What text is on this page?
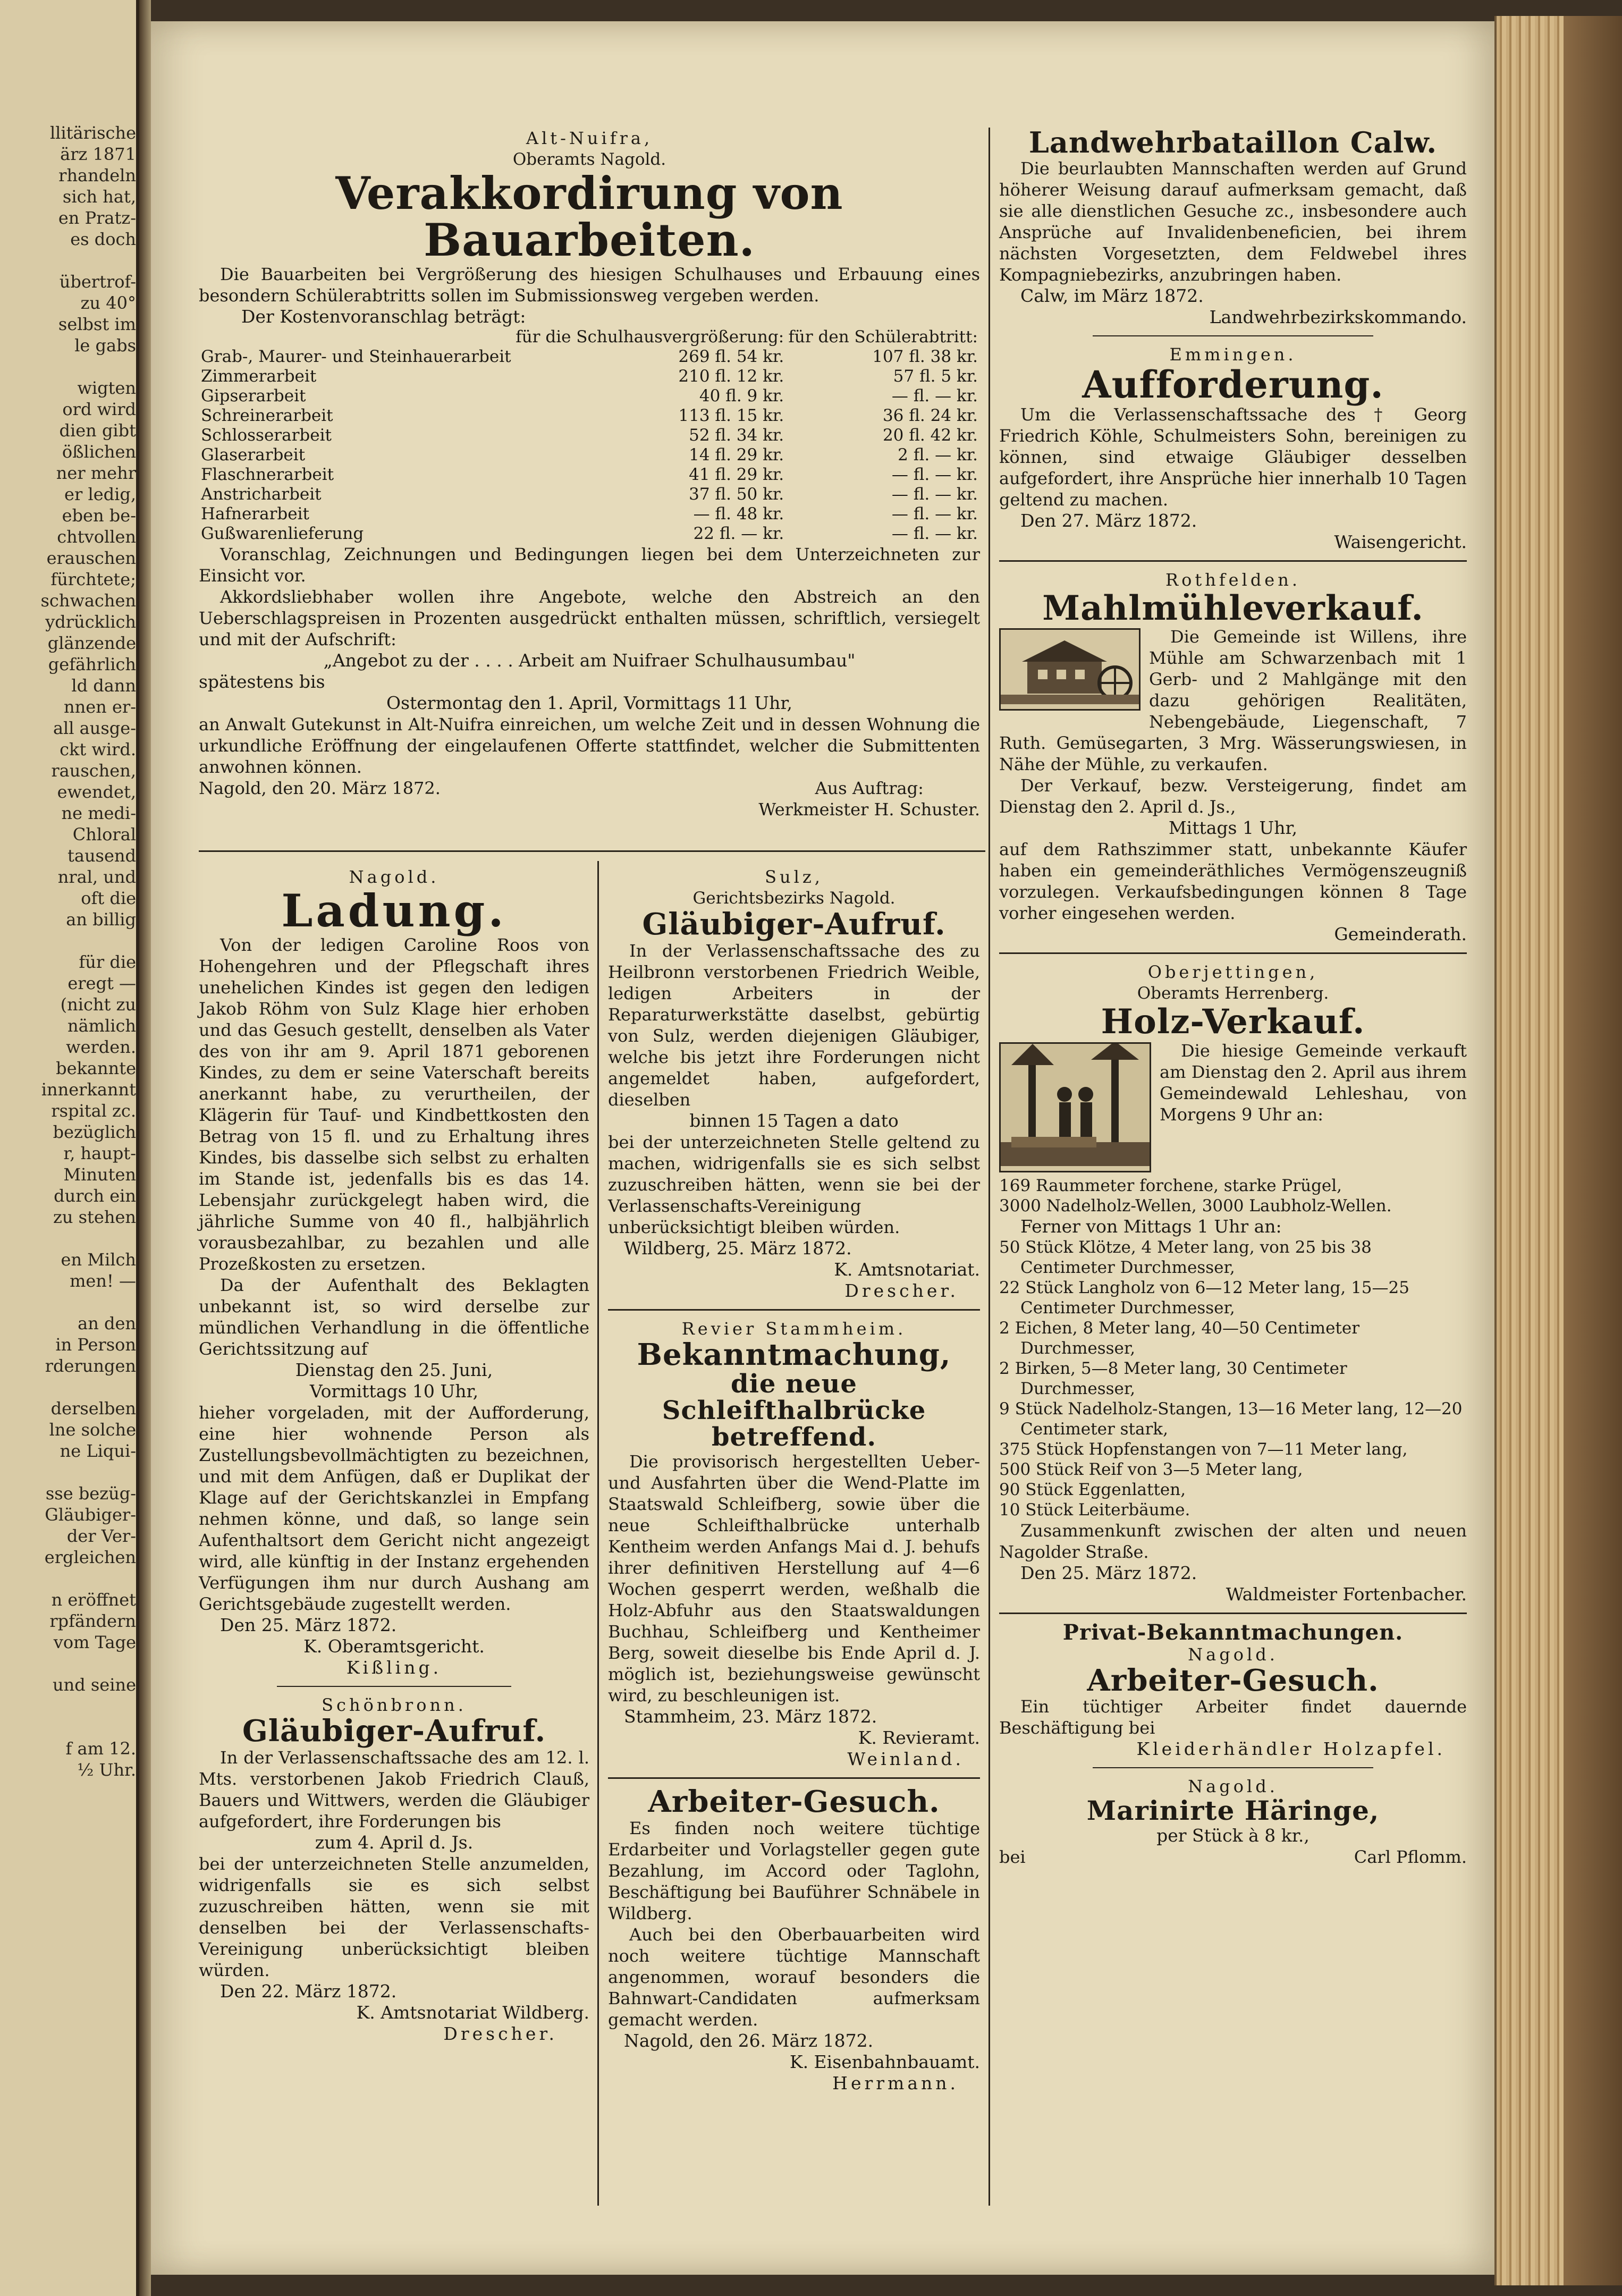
llitärische
ärz 1871
rhandeln
sich hat,
en Pratz-
es doch

übertrof-
zu 40°
selbst im
le gabs

wigten
ord wird
dien gibt
ößlichen
ner mehr
er ledig,
eben be-
chtvollen
erauschen
fürchtete;
schwachen
ydrücklich
glänzende
gefährlich
ld dann
nnen er-
all ausge-
ckt wird.
rauschen,
ewendet,
ne medi-
Chloral
tausend
nral, und
oft die
an billig

für die
eregt —
(nicht zu
nämlich
werden.
bekannte
innerkannt
rspital zc.
bezüglich
r, haupt-
Minuten
durch ein
zu stehen

en Milch
men! —

an den
in Person
rderungen

derselben
lne solche
ne Liqui-

sse bezüg-
Gläubiger-
der Ver-
ergleichen

n eröffnet
rpfändern
vom Tage

und seine

f am 12.
½ Uhr.
Alt-Nuifra,
Oberamts Nagold.
Verakkordirung von Bauarbeiten.

Die Bauarbeiten bei Vergrößerung des hiesigen Schulhauses und Erbauung eines besondern Schülerabtritts sollen im Submissionsweg vergeben werden.

Der Kostenvoranschlag beträgt:
	für die Schulhausvergrößerung:	für den Schülerabtritt:
Grab-, Maurer- und Steinhauerarbeit	269 fl. 54 kr.	107 fl. 38 kr.
Zimmerarbeit	210 fl. 12 kr.	57 fl. 5 kr.
Gipserarbeit	40 fl. 9 kr.	— fl. — kr.
Schreinerarbeit	113 fl. 15 kr.	36 fl. 24 kr.
Schlosserarbeit	52 fl. 34 kr.	20 fl. 42 kr.
Glaserarbeit	14 fl. 29 kr.	2 fl. — kr.
Flaschnerarbeit	41 fl. 29 kr.	— fl. — kr.
Anstricharbeit	37 fl. 50 kr.	— fl. — kr.
Hafnerarbeit	— fl. 48 kr.	— fl. — kr.
Gußwarenlieferung	22 fl. — kr.	— fl. — kr.

Voranschlag, Zeichnungen und Bedingungen liegen bei dem Unterzeichneten zur Einsicht vor.

Akkordsliebhaber wollen ihre Angebote, welche den Abstreich an den Ueberschlagspreisen in Prozenten ausgedrückt enthalten müssen, schriftlich, versiegelt und mit der Aufschrift:

„Angebot zu der . . . . Arbeit am Nuifraer Schulhausumbau"
spätestens bis
Ostermontag den 1. April, Vormittags 11 Uhr,

an Anwalt Gutekunst in Alt-Nuifra einreichen, um welche Zeit und in dessen Wohnung die urkundliche Eröffnung der eingelaufenen Offerte stattfindet, welcher die Submittenten anwohnen können.

Nagold, den 20. März 1872.	Aus Auftrag:
Werkmeister H. Schuster.
Nagold.
Ladung.

Von der ledigen Caroline Roos von Hohengehren und der Pflegschaft ihres unehelichen Kindes ist gegen den ledigen Jakob Röhm von Sulz Klage hier erhoben und das Gesuch gestellt, denselben als Vater des von ihr am 9. April 1871 geborenen Kindes, zu dem er seine Vaterschaft bereits anerkannt habe, zu verurtheilen, der Klägerin für Tauf- und Kindbettkosten den Betrag von 15 fl. und zu Erhaltung ihres Kindes, bis dasselbe sich selbst zu erhalten im Stande ist, jedenfalls bis es das 14. Lebensjahr zurückgelegt haben wird, die jährliche Summe von 40 fl., halbjährlich vorausbezahlbar, zu bezahlen und alle Prozeßkosten zu ersetzen.

Da der Aufenthalt des Beklagten unbekannt ist, so wird derselbe zur mündlichen Verhandlung in die öffentliche Gerichtssitzung auf

Dienstag den 25. Juni,
Vormittags 10 Uhr,

hieher vorgeladen, mit der Aufforderung, eine hier wohnende Person als Zustellungsbevollmächtigten zu bezeichnen, und mit dem Anfügen, daß er Duplikat der Klage auf der Gerichtskanzlei in Empfang nehmen könne, und daß, so lange sein Aufenthaltsort dem Gericht nicht angezeigt wird, alle künftig in der Instanz ergehenden Verfügungen ihm nur durch Aushang am Gerichtsgebäude zugestellt werden.

Den 25. März 1872.
K. Oberamtsgericht.
Kißling.
Schönbronn.
Gläubiger-Aufruf.

In der Verlassenschaftssache des am 12. l. Mts. verstorbenen Jakob Friedrich Clauß, Bauers und Wittwers, werden die Gläubiger aufgefordert, ihre Forderungen bis

zum 4. April d. Js.

bei der unterzeichneten Stelle anzumelden, widrigenfalls sie es sich selbst zuzuschreiben hätten, wenn sie mit denselben bei der Verlassenschafts-Vereinigung unberücksichtigt bleiben würden.

Den 22. März 1872.
K. Amtsnotariat Wildberg.
Drescher.
Sulz,
Gerichtsbezirks Nagold.
Gläubiger-Aufruf.

In der Verlassenschaftssache des zu Heilbronn verstorbenen Friedrich Weible, ledigen Arbeiters in der Reparaturwerkstätte daselbst, gebürtig von Sulz, werden diejenigen Gläubiger, welche bis jetzt ihre Forderungen nicht angemeldet haben, aufgefordert, dieselben

binnen 15 Tagen a dato

bei der unterzeichneten Stelle geltend zu machen, widrigenfalls sie es sich selbst zuzuschreiben hätten, wenn sie bei der Verlassenschafts-Vereinigung unberücksichtigt bleiben würden.

Wildberg, 25. März 1872.
K. Amtsnotariat.
Drescher.
Revier Stammheim.
Bekanntmachung,
die neue Schleifthalbrücke
betreffend.

Die provisorisch hergestellten Ueber- und Ausfahrten über die Wend-Platte im Staatswald Schleifberg, sowie über die neue Schleifthalbrücke unterhalb Kentheim werden Anfangs Mai d. J. behufs ihrer definitiven Herstellung auf 4—6 Wochen gesperrt werden, weßhalb die Holz-Abfuhr aus den Staatswaldungen Buchhau, Schleifberg und Kentheimer Berg, soweit dieselbe bis Ende April d. J. möglich ist, beziehungsweise gewünscht wird, zu beschleunigen ist.

Stammheim, 23. März 1872.
K. Revieramt.
Weinland.
Arbeiter-Gesuch.

Es finden noch weitere tüchtige Erdarbeiter und Vorlagsteller gegen gute Bezahlung, im Accord oder Taglohn, Beschäftigung bei Bauführer Schnäbele in Wildberg.

Auch bei den Oberbauarbeiten wird noch weitere tüchtige Mannschaft angenommen, worauf besonders die Bahnwart-Candidaten aufmerksam gemacht werden.

Nagold, den 26. März 1872.
K. Eisenbahnbauamt.
Herrmann.
Landwehrbataillon Calw.

Die beurlaubten Mannschaften werden auf Grund höherer Weisung darauf aufmerksam gemacht, daß sie alle dienstlichen Gesuche zc., insbesondere auch Ansprüche auf Invalidenbeneficien, bei ihrem nächsten Vorgesetzten, dem Feldwebel ihres Kompagniebezirks, anzubringen haben.

Calw, im März 1872.
Landwehrbezirkskommando.
Emmingen.
Aufforderung.

Um die Verlassenschaftssache des † Georg Friedrich Köhle, Schulmeisters Sohn, bereinigen zu können, sind etwaige Gläubiger desselben aufgefordert, ihre Ansprüche hier innerhalb 10 Tagen geltend zu machen.

Den 27. März 1872.
Waisengericht.
Rothfelden.
Mahlmühleverkauf.

Die Gemeinde ist Willens, ihre Mühle am Schwarzenbach mit 1 Gerb- und 2 Mahlgänge mit den dazu gehörigen Realitäten, Nebengebäude, Liegenschaft, 7 Ruth. Gemüsegarten, 3 Mrg. Wässerungswiesen, in Nähe der Mühle, zu verkaufen.

Der Verkauf, bezw. Versteigerung, findet am Dienstag den 2. April d. Js.,

Mittags 1 Uhr,

auf dem Rathszimmer statt, unbekannte Käufer haben ein gemeinderäthliches Vermögenszeugniß vorzulegen. Verkaufsbedingungen können 8 Tage vorher eingesehen werden.

Gemeinderath.
Oberjettingen,
Oberamts Herrenberg.
Holz-Verkauf.

Die hiesige Gemeinde verkauft am Dienstag den 2. April aus ihrem Gemeindewald Lehleshau, von Morgens 9 Uhr an:

169 Raummeter forchene, starke Prügel,
3000 Nadelholz-Wellen, 3000 Laubholz-Wellen.
Ferner von Mittags 1 Uhr an:
50 Stück Klötze, 4 Meter lang, von 25 bis 38 Centimeter Durchmesser,
22 Stück Langholz von 6—12 Meter lang, 15—25 Centimeter Durchmesser,
2 Eichen, 8 Meter lang, 40—50 Centimeter Durchmesser,
2 Birken, 5—8 Meter lang, 30 Centimeter Durchmesser,
9 Stück Nadelholz-Stangen, 13—16 Meter lang, 12—20 Centimeter stark,
375 Stück Hopfenstangen von 7—11 Meter lang,
500 Stück Reif von 3—5 Meter lang,
90 Stück Eggenlatten,
10 Stück Leiterbäume.

Zusammenkunft zwischen der alten und neuen Nagolder Straße.

Den 25. März 1872.
Waldmeister Fortenbacher.
Privat-Bekanntmachungen.
Nagold.
Arbeiter-Gesuch.

Ein tüchtiger Arbeiter findet dauernde Beschäftigung bei

Kleiderhändler Holzapfel.
Nagold.
Marinirte Häringe,
per Stück à 8 kr.,
bei	Carl Pflomm.
